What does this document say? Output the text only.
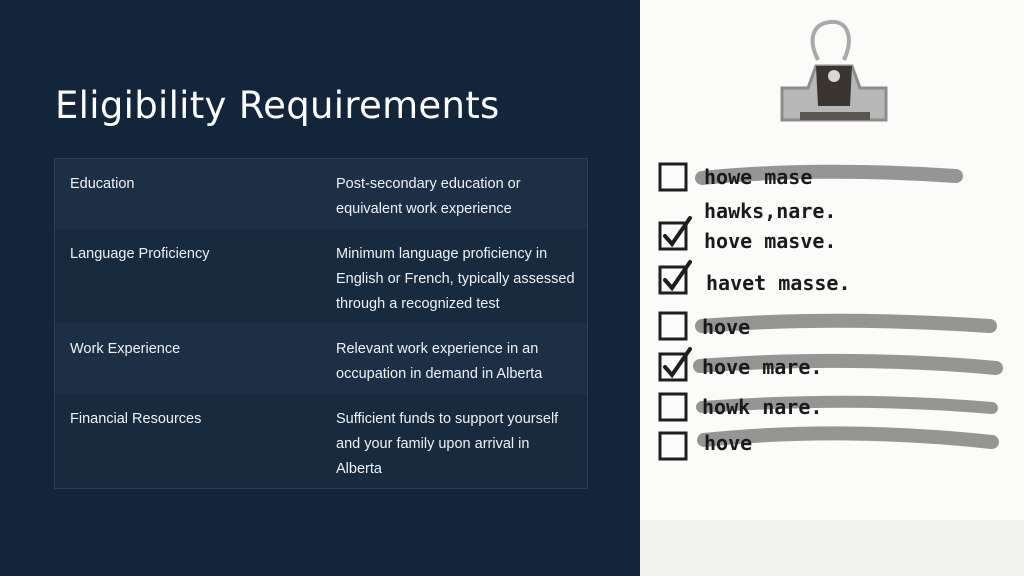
Eligibility Requirements
Education	Post-secondary education or equivalent work experience
Language Proficiency	Minimum language proficiency in English or French, typically assessed through a recognized test
Work Experience	Relevant work experience in an occupation in demand in Alberta
Financial Resources	Sufficient funds to support yourself and your family upon arrival in Alberta
howe mase
hawks,nare.
hove masve.
havet masse.
hove
hove mare.
howk nare.
hove
